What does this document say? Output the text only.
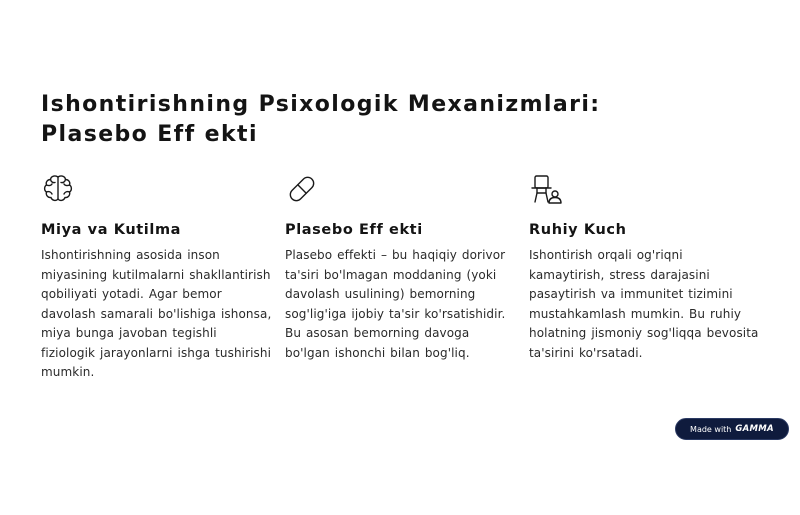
Ishontirishning Psixologik Mexanizmlari:
Plasebo Eff ekti
Miya va Kutilma

Ishontirishning asosida inson miyasining kutilmalarni shakllantirish qobiliyati yotadi. Agar bemor davolash samarali bo'lishiga ishonsa, miya bunga javoban tegishli fiziologik jarayonlarni ishga tushirishi mumkin.

Plasebo Eff ekti

Plasebo effekti – bu haqiqiy dorivor ta'siri bo'lmagan moddaning (yoki davolash usulining) bemorning sog'lig'iga ijobiy ta'sir ko'rsatishidir. Bu asosan bemorning davoga bo'lgan ishonchi bilan bog'liq.

Ruhiy Kuch

Ishontirish orqali og'riqni kamaytirish, stress darajasini pasaytirish va immunitet tizimini mustahkamlash mumkin. Bu ruhiy holatning jismoniy sog'liqqa bevosita ta'sirini ko'rsatadi.

Made with GAMMA
